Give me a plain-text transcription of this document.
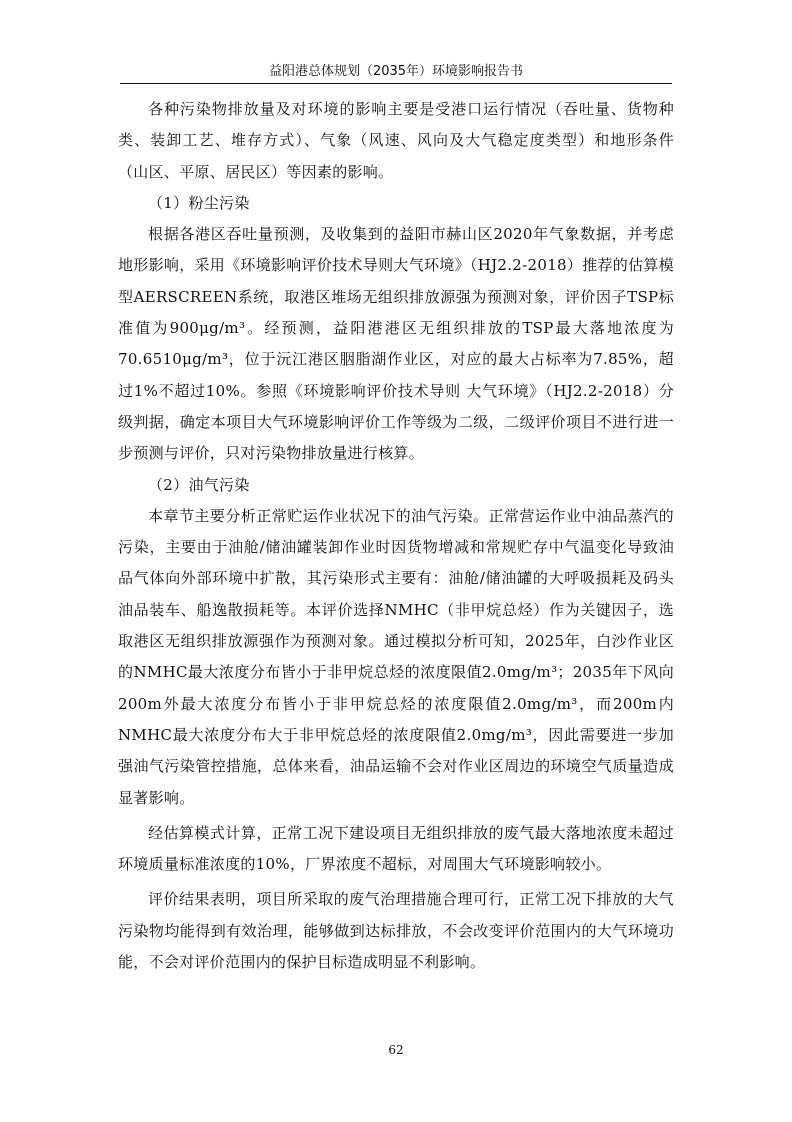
益阳港总体规划（2035年）环境影响报告书

各种污染物排放量及对环境的影响主要是受港口运行情况（吞吐量、货物种类、装卸工艺、堆存方式）、气象（风速、风向及大气稳定度类型）和地形条件（山区、平原、居民区）等因素的影响。

（1）粉尘污染

根据各港区吞吐量预测，及收集到的益阳市赫山区2020年气象数据，并考虑地形影响，采用《环境影响评价技术导则大气环境》（HJ2.2-2018）推荐的估算模型AERSCREEN系统，取港区堆场无组织排放源强为预测对象，评价因子TSP标准值为900μg/m³。经预测，益阳港港区无组织排放的TSP最大落地浓度为70.6510μg/m³，位于沅江港区胭脂湖作业区，对应的最大占标率为7.85%，超过1%不超过10%。参照《环境影响评价技术导则 大气环境》（HJ2.2-2018）分级判据，确定本项目大气环境影响评价工作等级为二级，二级评价项目不进行进一步预测与评价，只对污染物排放量进行核算。

（2）油气污染

本章节主要分析正常贮运作业状况下的油气污染。正常营运作业中油品蒸汽的污染，主要由于油舱/储油罐装卸作业时因货物增减和常规贮存中气温变化导致油品气体向外部环境中扩散，其污染形式主要有：油舱/储油罐的大呼吸损耗及码头油品装车、船逸散损耗等。本评价选择NMHC（非甲烷总烃）作为关键因子，选取港区无组织排放源强作为预测对象。通过模拟分析可知，2025年，白沙作业区的NMHC最大浓度分布皆小于非甲烷总烃的浓度限值2.0mg/m³；2035年下风向200m外最大浓度分布皆小于非甲烷总烃的浓度限值2.0mg/m³，而200m内NMHC最大浓度分布大于非甲烷总烃的浓度限值2.0mg/m³，因此需要进一步加强油气污染管控措施，总体来看，油品运输不会对作业区周边的环境空气质量造成显著影响。

经估算模式计算，正常工况下建设项目无组织排放的废气最大落地浓度未超过环境质量标准浓度的10%，厂界浓度不超标，对周围大气环境影响较小。

评价结果表明，项目所采取的废气治理措施合理可行，正常工况下排放的大气污染物均能得到有效治理，能够做到达标排放，不会改变评价范围内的大气环境功能，不会对评价范围内的保护目标造成明显不利影响。

62
